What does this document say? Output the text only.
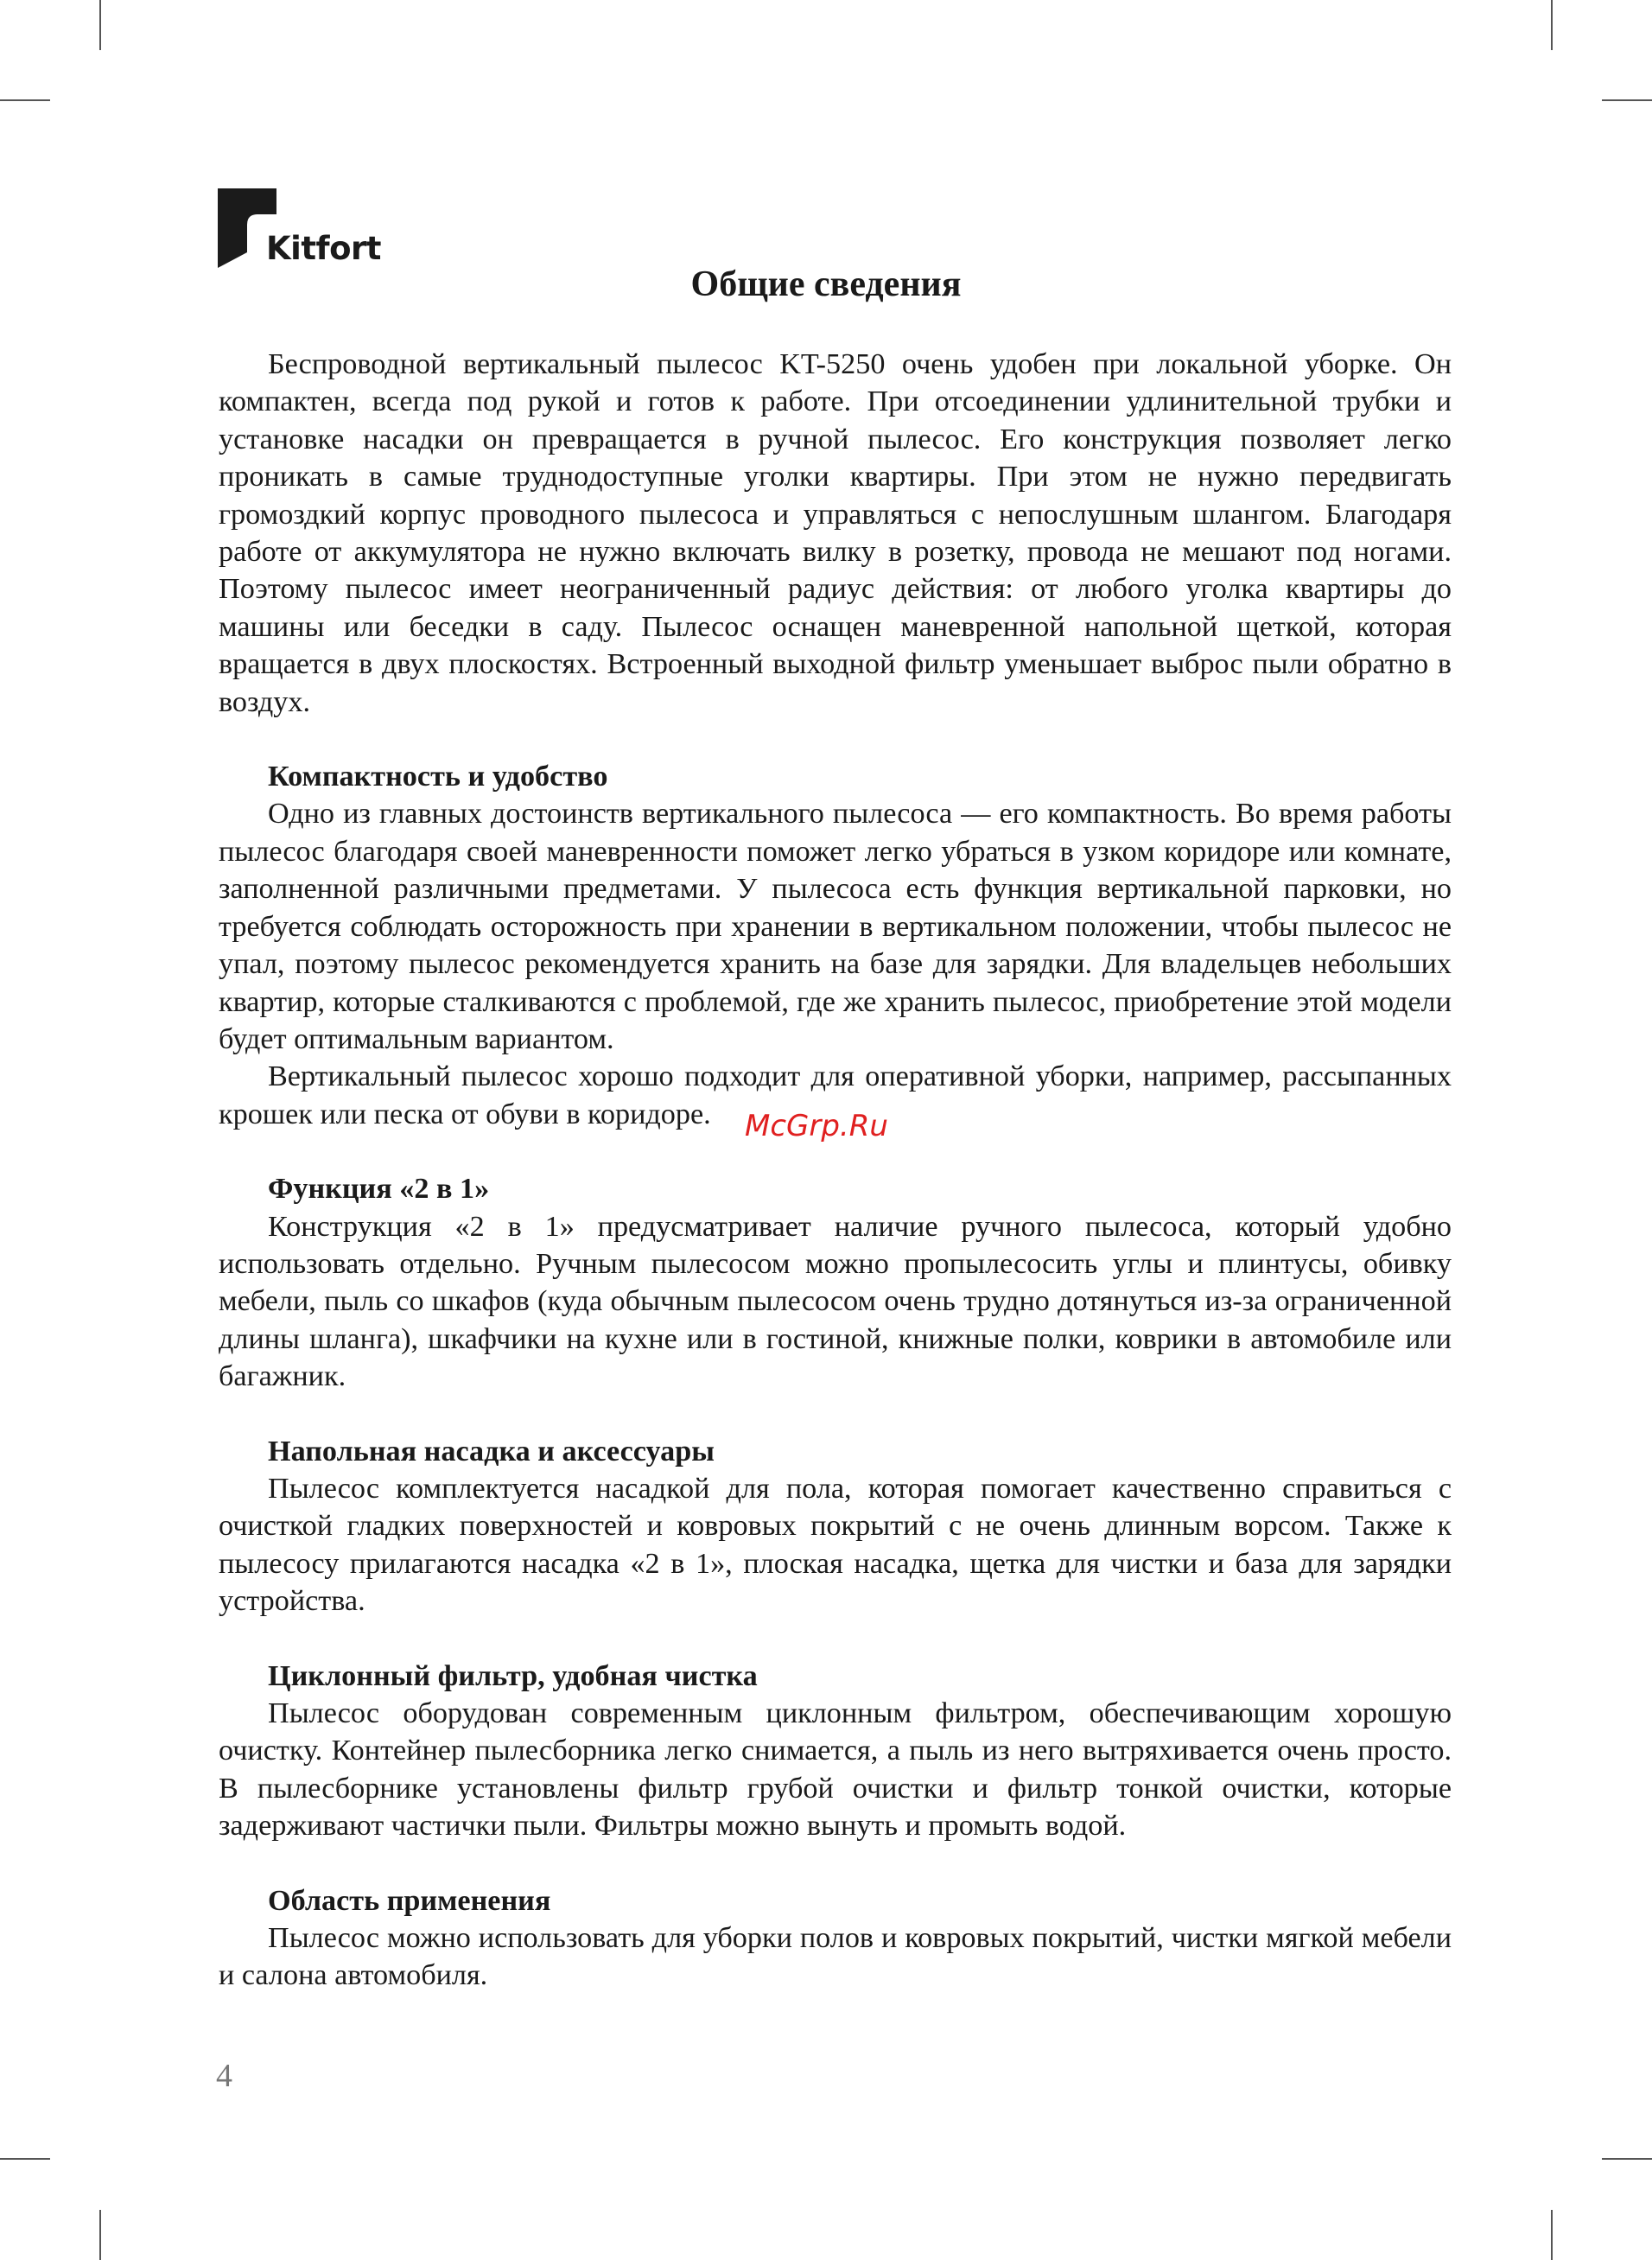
Kitfort
Общие сведения

Беспроводной вертикальный пылесос KT-5250 очень удобен при локальной уборке. Он компактен, всегда под рукой и готов к работе. При отсоединении удлинительной трубки и установке насадки он превращается в ручной пылесос. Его конструкция позволяет легко проникать в самые труднодоступные уголки квартиры. При этом не нужно передвигать громоздкий корпус проводного пылесоса и управляться с непослушным шлангом. Благодаря работе от аккумулятора не нужно включать вилку в розетку, провода не мешают под ногами. Поэтому пылесос имеет неограниченный радиус действия: от любого уголка квартиры до машины или беседки в саду. Пылесос оснащен маневренной напольной щеткой, которая вращается в двух плоскостях. Встроенный выходной фильтр уменьшает выброс пыли обратно в воздух.

Компактность и удобство

Одно из главных достоинств вертикального пылесоса — его компактность. Во время работы пылесос благодаря своей маневренности поможет легко убраться в узком коридоре или комнате, заполненной различными предметами. У пылесоса есть функция вертикальной парковки, но требуется соблюдать осторожность при хранении в вертикальном положении, чтобы пылесос не упал, поэтому пылесос рекомендуется хранить на базе для зарядки. Для владельцев небольших квартир, которые сталкиваются с проблемой, где же хранить пылесос, приобретение этой модели будет оптимальным вариантом.

Вертикальный пылесос хорошо подходит для оперативной уборки, например, рассыпанных крошек или песка от обуви в коридоре.

Функция «2 в 1»

Конструкция «2 в 1» предусматривает наличие ручного пылесоса, который удобно использовать отдельно. Ручным пылесосом можно пропылесосить углы и плинтусы, обивку мебели, пыль со шкафов (куда обычным пылесосом очень трудно дотянуться из-за ограниченной длины шланга), шкафчики на кухне или в гостиной, книжные полки, коврики в автомобиле или багажник.

Напольная насадка и аксессуары

Пылесос комплектуется насадкой для пола, которая помогает качественно справиться с очисткой гладких поверхностей и ковровых покрытий с не очень длинным ворсом. Также к пылесосу прилагаются насадка «2 в 1», плоская насадка, щетка для чистки и база для зарядки устройства.

Циклонный фильтр, удобная чистка

Пылесос оборудован современным циклонным фильтром, обеспечивающим хорошую очистку. Контейнер пылесборника легко снимается, а пыль из него вытряхивается очень просто. В пылесборнике установлены фильтр грубой очистки и фильтр тонкой очистки, которые задерживают частички пыли. Фильтры можно вынуть и промыть водой.

Область применения

Пылесос можно использовать для уборки полов и ковровых покрытий, чистки мягкой мебели и салона автомобиля.

McGrp.Ru
4
